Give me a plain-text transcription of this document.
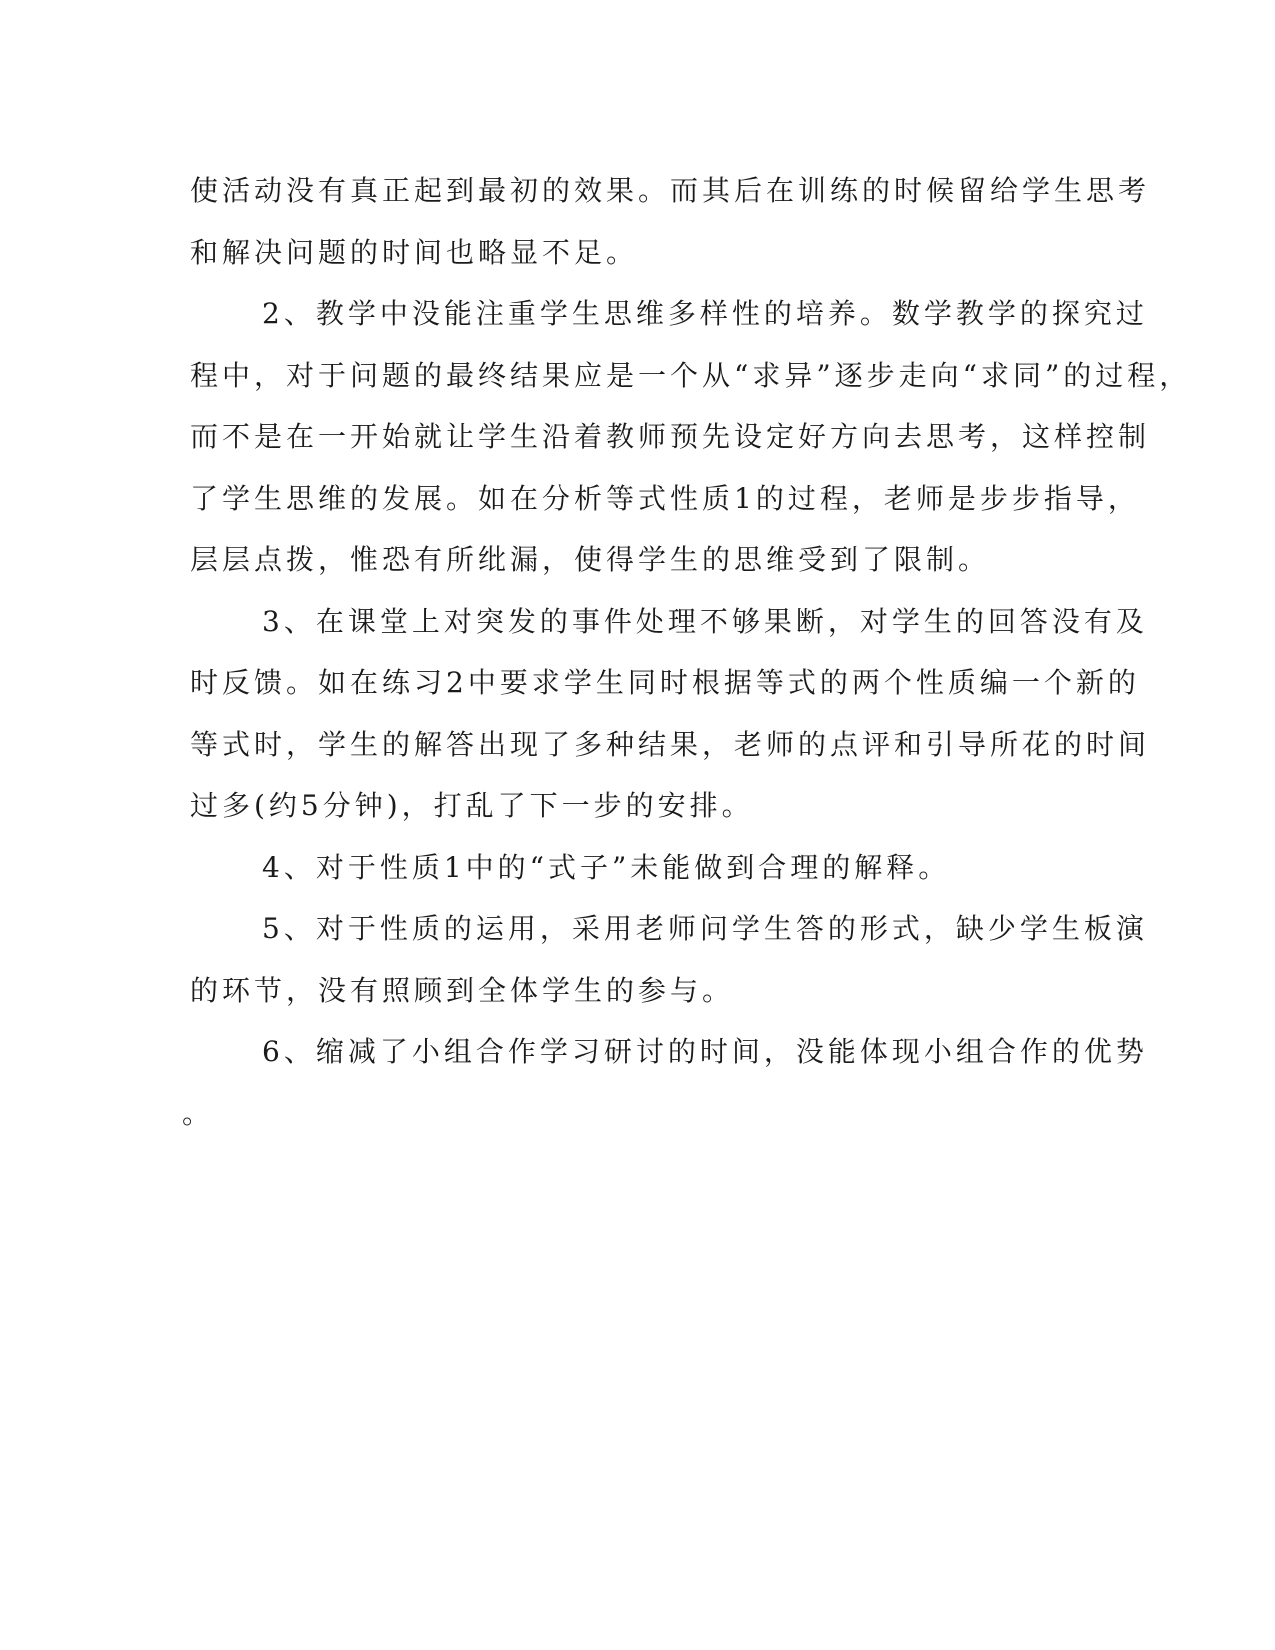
使活动没有真正起到最初的效果。而其后在训练的时候留给学生思考
和解决问题的时间也略显不足。
2、教学中没能注重学生思维多样性的培养。数学教学的探究过
程中，对于问题的最终结果应是一个从“求异”逐步走向“求同”的过程，
而不是在一开始就让学生沿着教师预先设定好方向去思考，这样控制
了学生思维的发展。如在分析等式性质1的过程，老师是步步指导，
层层点拨，惟恐有所纰漏，使得学生的思维受到了限制。
3、在课堂上对突发的事件处理不够果断，对学生的回答没有及
时反馈。如在练习2中要求学生同时根据等式的两个性质编一个新的
等式时，学生的解答出现了多种结果，老师的点评和引导所花的时间
过多(约5分钟)，打乱了下一步的安排。
4、对于性质1中的“式子”未能做到合理的解释。
5、对于性质的运用，采用老师问学生答的形式，缺少学生板演
的环节，没有照顾到全体学生的参与。
6、缩减了小组合作学习研讨的时间，没能体现小组合作的优势
。
